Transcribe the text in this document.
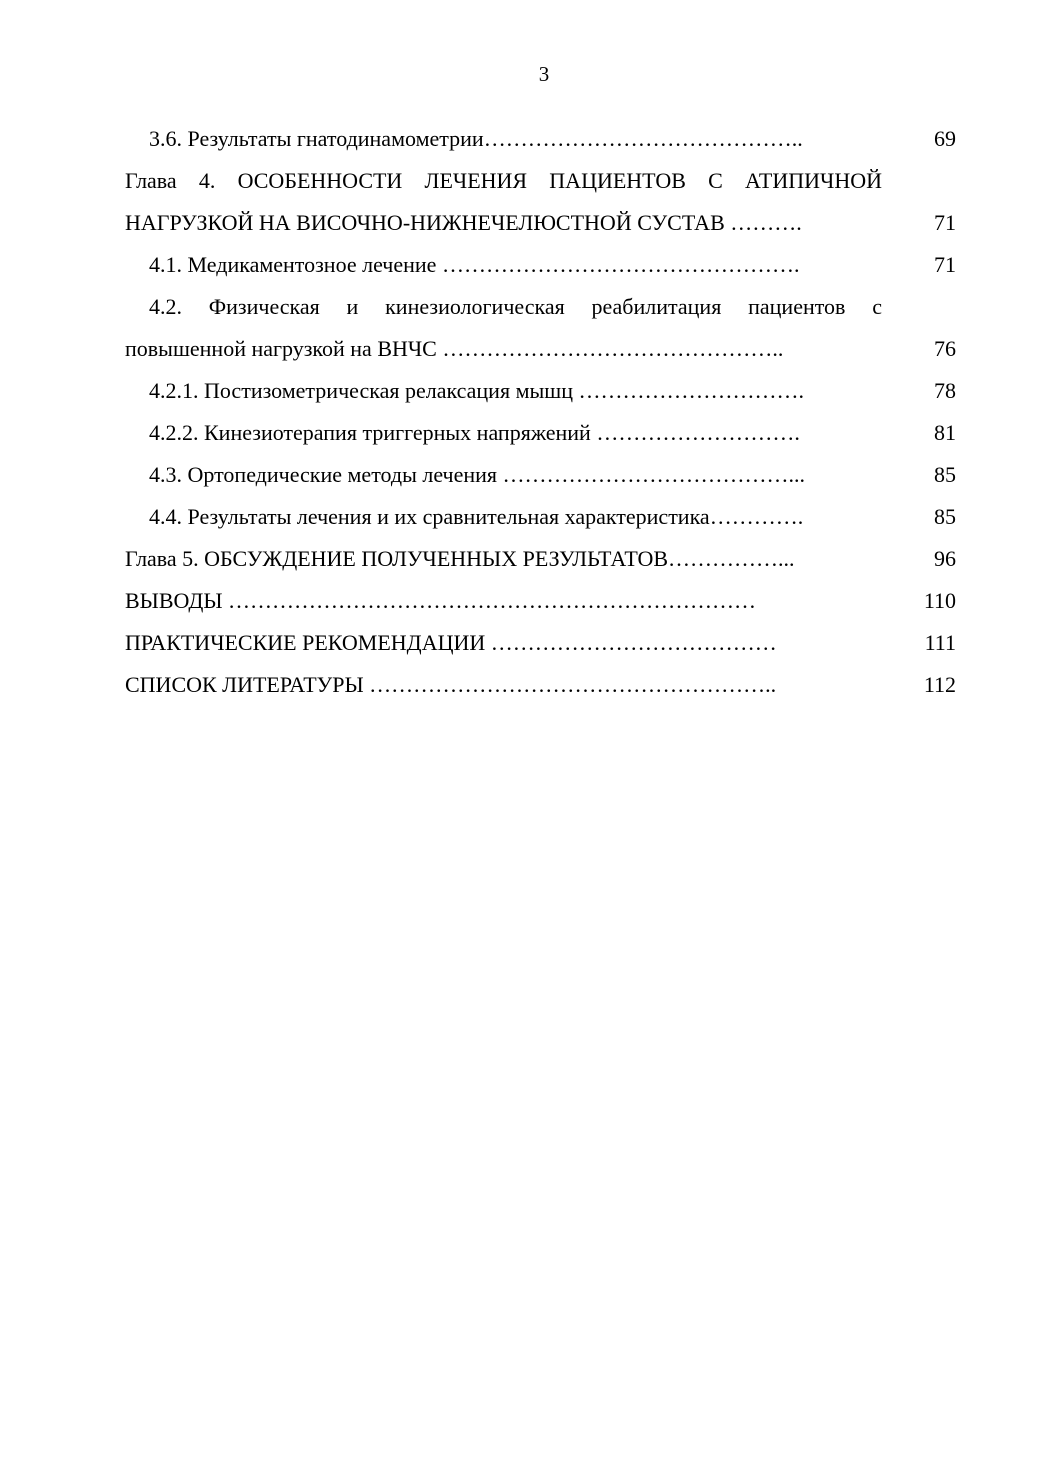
3
3.6. Результаты гнатодинамометрии……………………………………..	69
Глава 4. ОСОБЕННОСТИ ЛЕЧЕНИЯ ПАЦИЕНТОВ С АТИПИЧНОЙ
НАГРУЗКОЙ НА ВИСОЧНО-НИЖНЕЧЕЛЮСТНОЙ СУСТАВ ……….	71
4.1. Медикаментозное лечение ………………………………………….	71
4.2. Физическая и кинезиологическая реабилитация пациентов с
повышенной нагрузкой на ВНЧС ………………………………………..	76
4.2.1. Постизометрическая релаксация мышц ………………………….	78
4.2.2. Кинезиотерапия триггерных напряжений ……………………….	81
4.3. Ортопедические методы лечения …………………………………...	85
4.4. Результаты лечения и их сравнительная характеристика………….	85
Глава 5. ОБСУЖДЕНИЕ ПОЛУЧЕННЫХ РЕЗУЛЬТАТОВ……………...	96
ВЫВОДЫ ………………………………………………………………	110
ПРАКТИЧЕСКИЕ РЕКОМЕНДАЦИИ …………………………………	111
СПИСОК ЛИТЕРАТУРЫ ………………………………………………..	112
